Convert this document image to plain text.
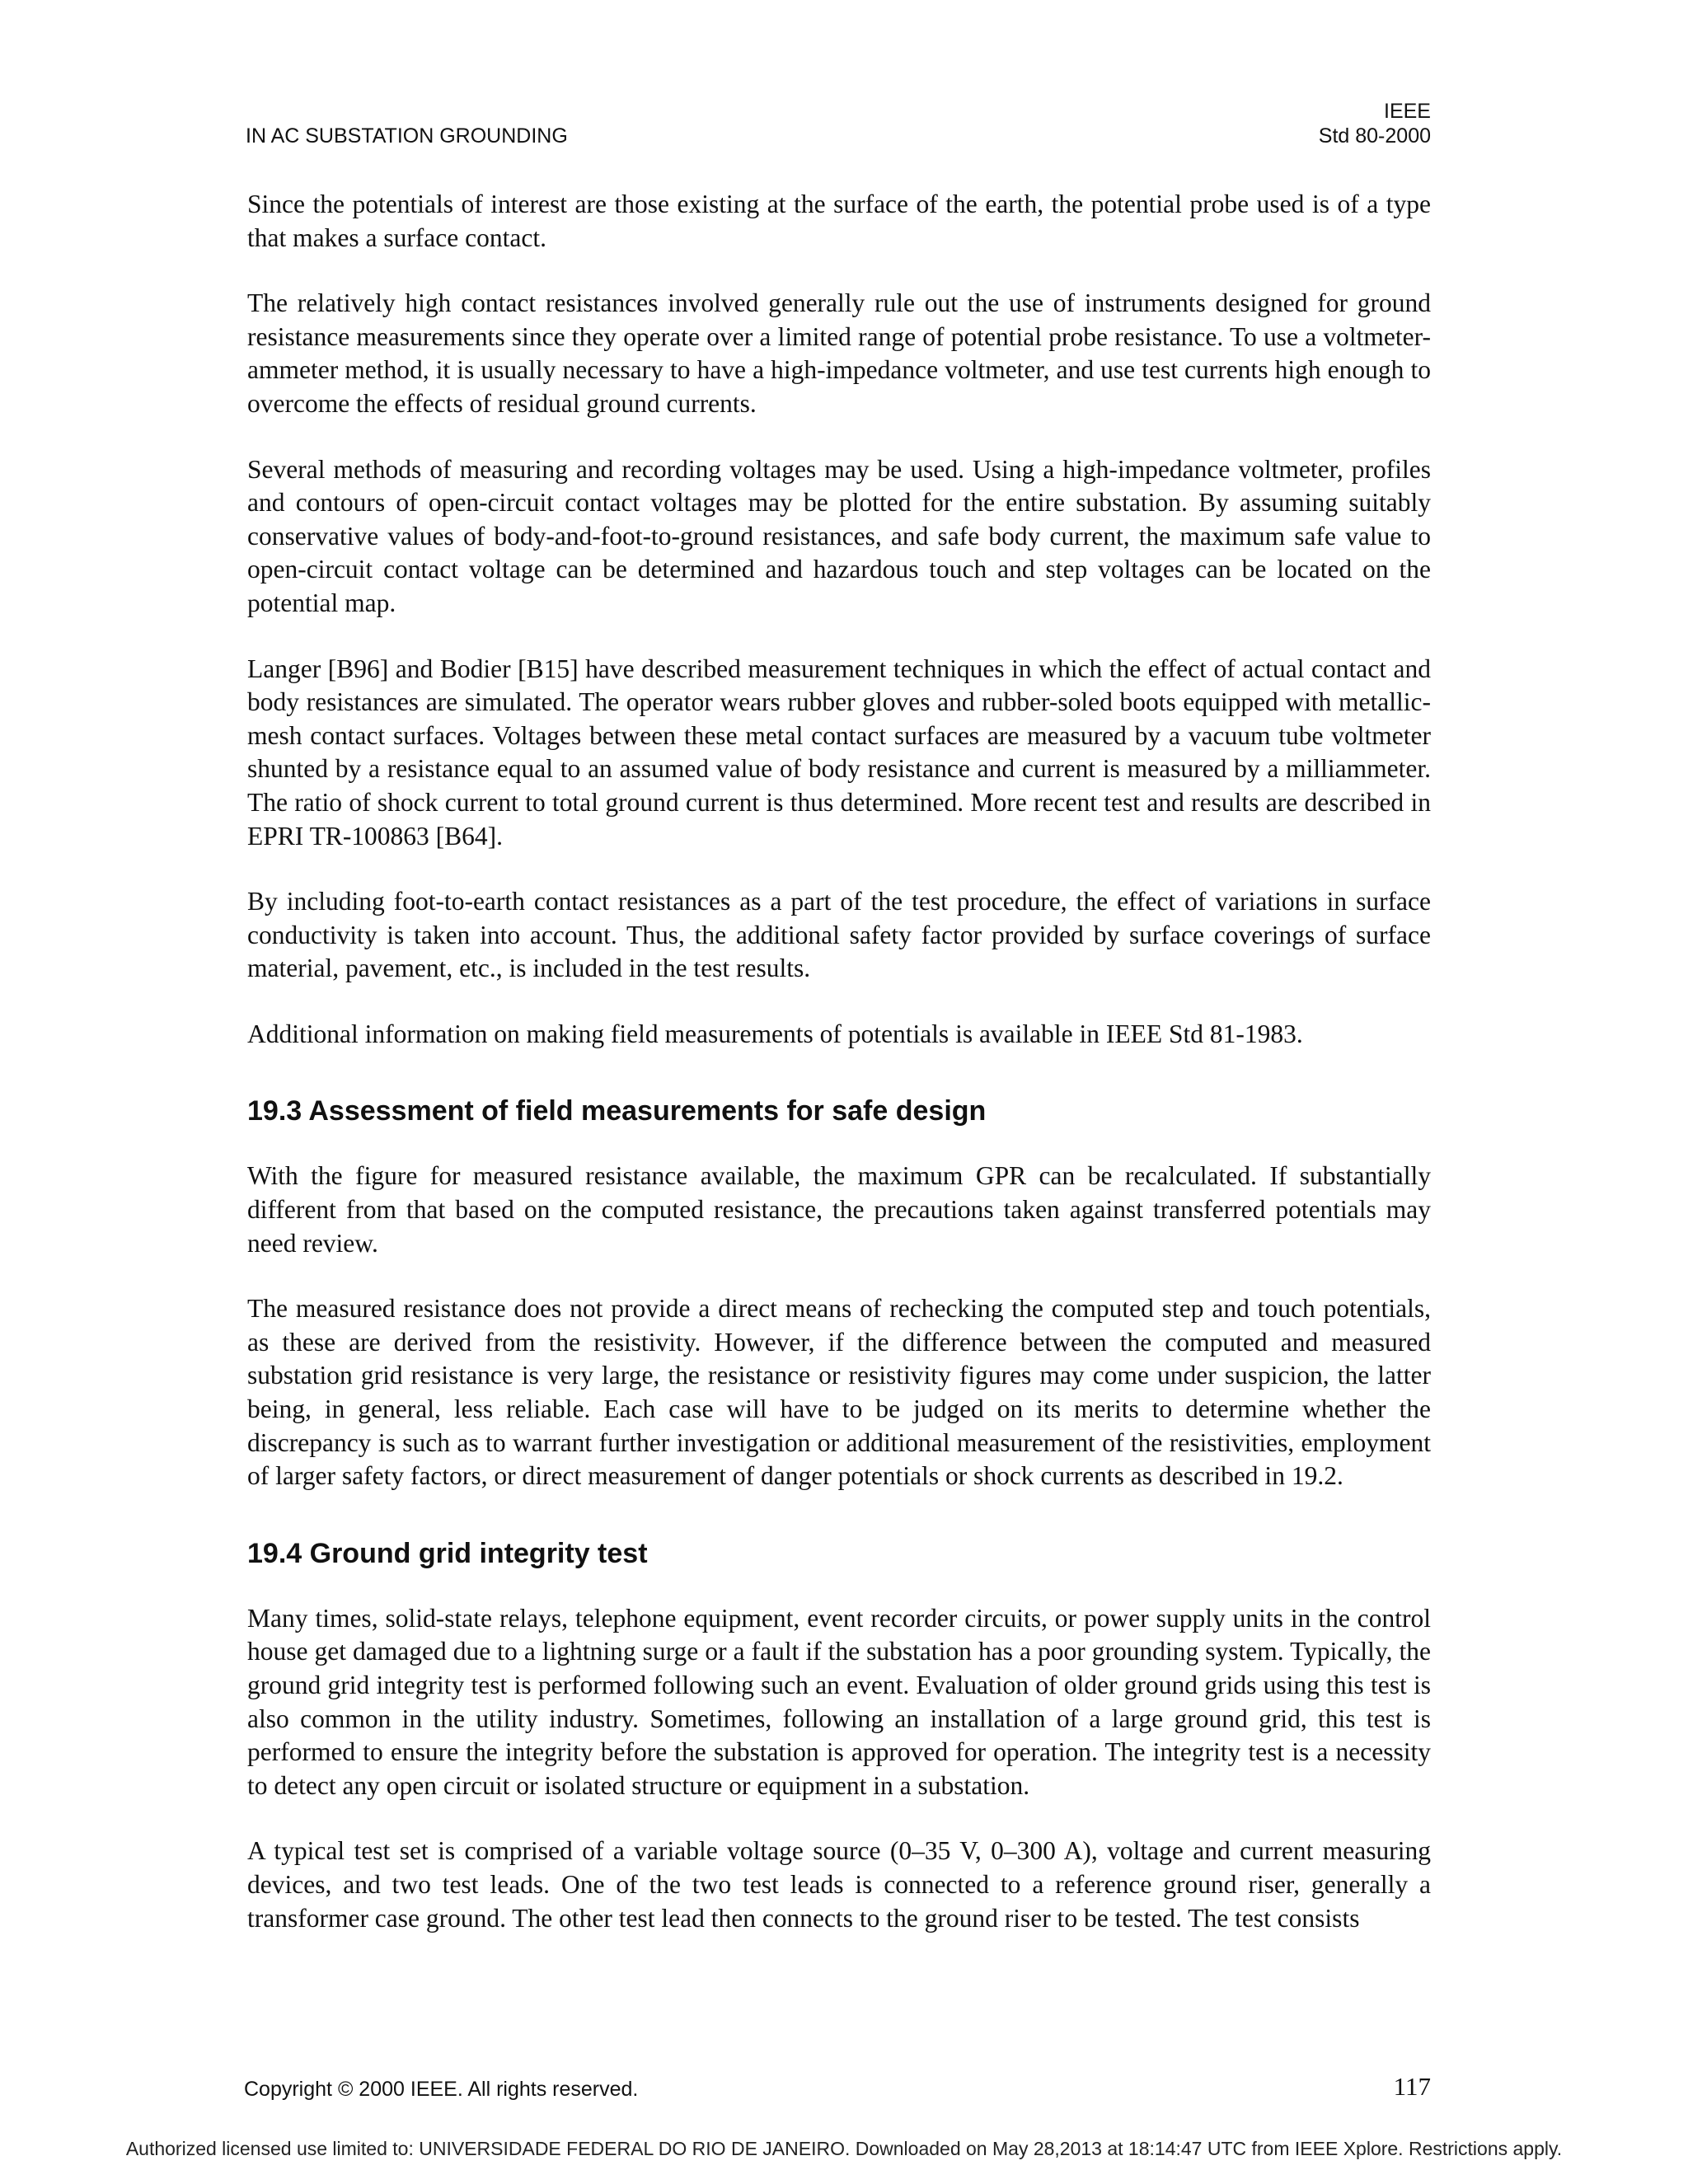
IN AC SUBSTATION GROUNDING
IEEE
Std 80-2000

Since the potentials of interest are those existing at the surface of the earth, the potential probe used is of a type that makes a surface contact.

The relatively high contact resistances involved generally rule out the use of instruments designed for ground resistance measurements since they operate over a limited range of potential probe resistance. To use a voltmeter-ammeter method, it is usually necessary to have a high-impedance voltmeter, and use test currents high enough to overcome the effects of residual ground currents.

Several methods of measuring and recording voltages may be used. Using a high-impedance voltmeter, profiles and contours of open-circuit contact voltages may be plotted for the entire substation. By assuming suitably conservative values of body-and-foot-to-ground resistances, and safe body current, the maximum safe value to open-circuit contact voltage can be determined and hazardous touch and step voltages can be located on the potential map.

Langer [B96] and Bodier [B15] have described measurement techniques in which the effect of actual contact and body resistances are simulated. The operator wears rubber gloves and rubber-soled boots equipped with metallic-mesh contact surfaces. Voltages between these metal contact surfaces are measured by a vacuum tube voltmeter shunted by a resistance equal to an assumed value of body resistance and current is measured by a milliammeter. The ratio of shock current to total ground current is thus determined. More recent test and results are described in EPRI TR-100863 [B64].

By including foot-to-earth contact resistances as a part of the test procedure, the effect of variations in surface conductivity is taken into account. Thus, the additional safety factor provided by surface coverings of surface material, pavement, etc., is included in the test results.

Additional information on making field measurements of potentials is available in IEEE Std 81-1983.

19.3 Assessment of field measurements for safe design

With the figure for measured resistance available, the maximum GPR can be recalculated. If substantially different from that based on the computed resistance, the precautions taken against transferred potentials may need review.

The measured resistance does not provide a direct means of rechecking the computed step and touch potentials, as these are derived from the resistivity. However, if the difference between the computed and measured substation grid resistance is very large, the resistance or resistivity figures may come under suspicion, the latter being, in general, less reliable. Each case will have to be judged on its merits to determine whether the discrepancy is such as to warrant further investigation or additional measurement of the resistivities, employment of larger safety factors, or direct measurement of danger potentials or shock currents as described in 19.2.

19.4 Ground grid integrity test

Many times, solid-state relays, telephone equipment, event recorder circuits, or power supply units in the control house get damaged due to a lightning surge or a fault if the substation has a poor grounding system. Typically, the ground grid integrity test is performed following such an event. Evaluation of older ground grids using this test is also common in the utility industry. Sometimes, following an installation of a large ground grid, this test is performed to ensure the integrity before the substation is approved for operation. The integrity test is a necessity to detect any open circuit or isolated structure or equipment in a substation.

A typical test set is comprised of a variable voltage source (0–35 V, 0–300 A), voltage and current measuring devices, and two test leads. One of the two test leads is connected to a reference ground riser, generally a transformer case ground. The other test lead then connects to the ground riser to be tested. The test consists

Copyright © 2000 IEEE. All rights reserved.	117
Authorized licensed use limited to: UNIVERSIDADE FEDERAL DO RIO DE JANEIRO. Downloaded on May 28,2013 at 18:14:47 UTC from IEEE Xplore. Restrictions apply.
